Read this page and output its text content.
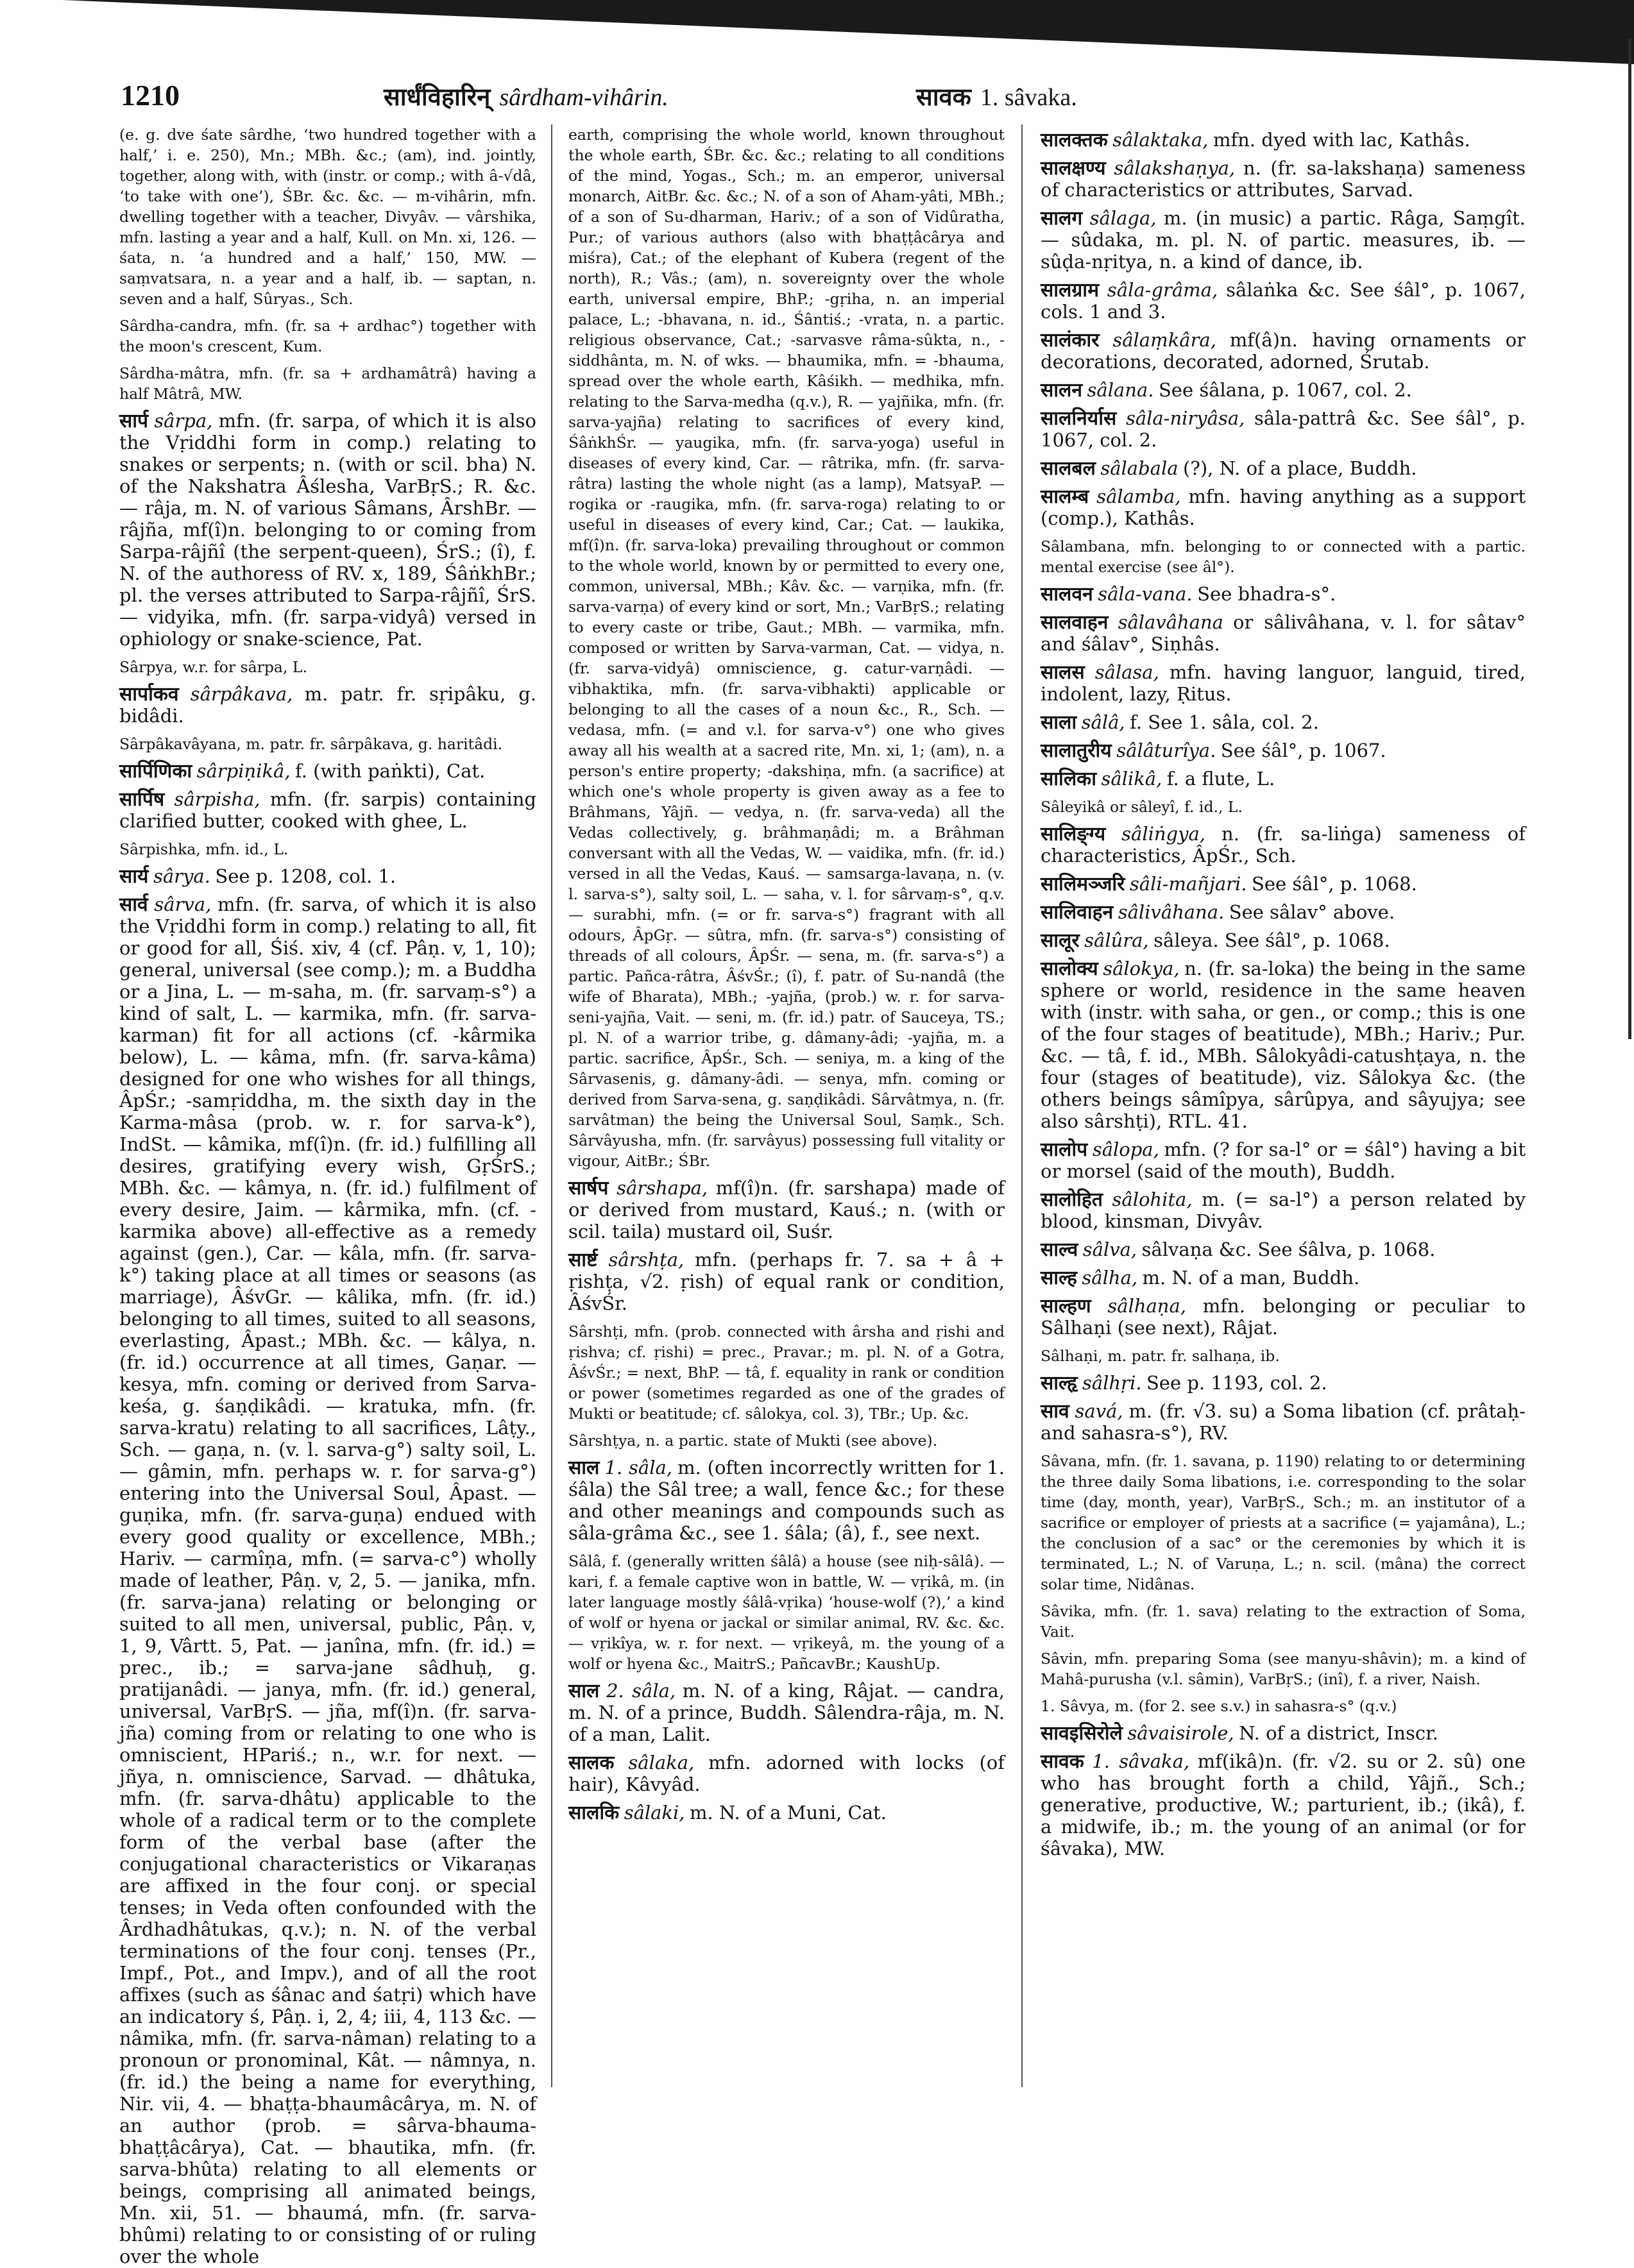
1210	सार्धंविहारिन् sârdham-vihârin.	सावक 1. sâvaka.

(e. g. dve śate sârdhe, ‘two hundred together with a half,’ i. e. 250), Mn.; MBh. &c.; (am), ind. jointly, together, along with, with (instr. or comp.; with â-√dâ, ‘to take with one’), ŚBr. &c. &c. — m-vihârin, mfn. dwelling together with a teacher, Divyâv. — vârshika, mfn. lasting a year and a half, Kull. on Mn. xi, 126. — śata, n. ‘a hundred and a half,’ 150, MW. — saṃvatsara, n. a year and a half, ib. — saptan, n. seven and a half, Sûryas., Sch.

Sârdha-candra, mfn. (fr. sa + ardhac°) together with the moon's crescent, Kum.

Sârdha-mâtra, mfn. (fr. sa + ardhamâtrâ) having a half Mâtrâ, MW.

सार्प sârpa, mfn. (fr. sarpa, of which it is also the Vṛiddhi form in comp.) relating to snakes or serpents; n. (with or scil. bha) N. of the Nakshatra Âślesha, VarBṛS.; R. &c. — râja, m. N. of various Sâmans, ÂrshBr. — râjña, mf(î)n. belonging to or coming from Sarpa-râjñî (the serpent-queen), ŚrS.; (î), f. N. of the authoress of RV. x, 189, ŚâṅkhBr.; pl. the verses attributed to Sarpa-râjñî, ŚrS. — vidyika, mfn. (fr. sarpa-vidyâ) versed in ophiology or snake-science, Pat.

Sârpya, w.r. for sârpa, L.

सार्पाकव sârpâkava, m. patr. fr. sṛipâku, g. bidâdi.

Sârpâkavâyana, m. patr. fr. sârpâkava, g. haritâdi.

सार्पिणिका sârpiṇikâ, f. (with paṅkti), Cat.

सार्पिष sârpisha, mfn. (fr. sarpis) containing clarified butter, cooked with ghee, L.

Sârpishka, mfn. id., L.

सार्य sârya. See p. 1208, col. 1.

सार्व sârva, mfn. (fr. sarva, of which it is also the Vṛiddhi form in comp.) relating to all, fit or good for all, Śiś. xiv, 4 (cf. Pâṇ. v, 1, 10); general, universal (see comp.); m. a Buddha or a Jina, L. — m-saha, m. (fr. sarvaṃ-s°) a kind of salt, L. — karmika, mfn. (fr. sarva-karman) fit for all actions (cf. -kârmika below), L. — kâma, mfn. (fr. sarva-kâma) designed for one who wishes for all things, ÂpŚr.; -samṛiddha, m. the sixth day in the Karma-mâsa (prob. w. r. for sarva-k°), IndSt. — kâmika, mf(î)n. (fr. id.) fulfilling all desires, gratifying every wish, GṛŚrS.; MBh. &c. — kâmya, n. (fr. id.) fulfilment of every desire, Jaim. — kârmika, mfn. (cf. -karmika above) all-effective as a remedy against (gen.), Car. — kâla, mfn. (fr. sarva-k°) taking place at all times or seasons (as marriage), ÂśvGr. — kâlika, mfn. (fr. id.) belonging to all times, suited to all seasons, everlasting, Âpast.; MBh. &c. — kâlya, n. (fr. id.) occurrence at all times, Gaṇar. — kesya, mfn. coming or derived from Sarva-keśa, g. śaṇḍikâdi. — kratuka, mfn. (fr. sarva-kratu) relating to all sacrifices, Lâṭy., Sch. — gaṇa, n. (v. l. sarva-g°) salty soil, L. — gâmin, mfn. perhaps w. r. for sarva-g°) entering into the Universal Soul, Âpast. — guṇika, mfn. (fr. sarva-guṇa) endued with every good quality or excellence, MBh.; Hariv. — carmîṇa, mfn. (= sarva-c°) wholly made of leather, Pâṇ. v, 2, 5. — janika, mfn. (fr. sarva-jana) relating or belonging or suited to all men, universal, public, Pâṇ. v, 1, 9, Vârtt. 5, Pat. — janîna, mfn. (fr. id.) = prec., ib.; = sarva-jane sâdhuḥ, g. pratijanâdi. — janya, mfn. (fr. id.) general, universal, VarBṛS. — jña, mf(î)n. (fr. sarva-jña) coming from or relating to one who is omniscient, HPariś.; n., w.r. for next. — jñya, n. omniscience, Sarvad. — dhâtuka, mfn. (fr. sarva-dhâtu) applicable to the whole of a radical term or to the complete form of the verbal base (after the conjugational characteristics or Vikaraṇas are affixed in the four conj. or special tenses; in Veda often confounded with the Ârdhadhâtukas, q.v.); n. N. of the verbal terminations of the four conj. tenses (Pr., Impf., Pot., and Impv.), and of all the root affixes (such as śânac and śatṛi) which have an indicatory ś, Pâṇ. i, 2, 4; iii, 4, 113 &c. — nâmika, mfn. (fr. sarva-nâman) relating to a pronoun or pronominal, Kât. — nâmnya, n. (fr. id.) the being a name for everything, Nir. vii, 4. — bhaṭṭa-bhaumâcârya, m. N. of an author (prob. = sârva-bhauma-bhaṭṭâcârya), Cat. — bhautika, mfn. (fr. sarva-bhûta) relating to all elements or beings, comprising all animated beings, Mn. xii, 51. — bhaumá, mfn. (fr. sarva-bhûmi) relating to or consisting of or ruling over the whole

earth, comprising the whole world, known throughout the whole earth, ŚBr. &c. &c.; relating to all conditions of the mind, Yogas., Sch.; m. an emperor, universal monarch, AitBr. &c. &c.; N. of a son of Aham-yâti, MBh.; of a son of Su-dharman, Hariv.; of a son of Vidûratha, Pur.; of various authors (also with bhaṭṭâcârya and miśra), Cat.; of the elephant of Kubera (regent of the north), R.; Vâs.; (am), n. sovereignty over the whole earth, universal empire, BhP.; -gṛiha, n. an imperial palace, L.; -bhavana, n. id., Śântiś.; -vrata, n. a partic. religious observance, Cat.; -sarvasve râma-sûkta, n., -siddhânta, m. N. of wks. — bhaumika, mfn. = -bhauma, spread over the whole earth, Kâśikh. — medhika, mfn. relating to the Sarva-medha (q.v.), R. — yajñika, mfn. (fr. sarva-yajña) relating to sacrifices of every kind, ŚâṅkhŚr. — yaugika, mfn. (fr. sarva-yoga) useful in diseases of every kind, Car. — râtrika, mfn. (fr. sarva-râtra) lasting the whole night (as a lamp), MatsyaP. — rogika or -raugika, mfn. (fr. sarva-roga) relating to or useful in diseases of every kind, Car.; Cat. — laukika, mf(î)n. (fr. sarva-loka) prevailing throughout or common to the whole world, known by or permitted to every one, common, universal, MBh.; Kâv. &c. — varṇika, mfn. (fr. sarva-varṇa) of every kind or sort, Mn.; VarBṛS.; relating to every caste or tribe, Gaut.; MBh. — varmika, mfn. composed or written by Sarva-varman, Cat. — vidya, n. (fr. sarva-vidyâ) omniscience, g. catur-varṇâdi. — vibhaktika, mfn. (fr. sarva-vibhakti) applicable or belonging to all the cases of a noun &c., R., Sch. — vedasa, mfn. (= and v.l. for sarva-v°) one who gives away all his wealth at a sacred rite, Mn. xi, 1; (am), n. a person's entire property; -dakshiṇa, mfn. (a sacrifice) at which one's whole property is given away as a fee to Brâhmans, Yâjñ. — vedya, n. (fr. sarva-veda) all the Vedas collectively, g. brâhmaṇâdi; m. a Brâhman conversant with all the Vedas, W. — vaidika, mfn. (fr. id.) versed in all the Vedas, Kauś. — samsarga-lavaṇa, n. (v. l. sarva-s°), salty soil, L. — saha, v. l. for sârvaṃ-s°, q.v. — surabhi, mfn. (= or fr. sarva-s°) fragrant with all odours, ÂpGṛ. — sûtra, mfn. (fr. sarva-s°) consisting of threads of all colours, ÂpŚr. — sena, m. (fr. sarva-s°) a partic. Pañca-râtra, ÂśvŚr.; (î), f. patr. of Su-nandâ (the wife of Bharata), MBh.; -yajña, (prob.) w. r. for sarva-seni-yajña, Vait. — seni, m. (fr. id.) patr. of Sauceya, TS.; pl. N. of a warrior tribe, g. dâmany-âdi; -yajña, m. a partic. sacrifice, ÂpŚr., Sch. — seniya, m. a king of the Sârvasenis, g. dâmany-âdi. — senya, mfn. coming or derived from Sarva-sena, g. saṇḍikâdi. Sârvâtmya, n. (fr. sarvâtman) the being the Universal Soul, Saṃk., Sch. Sârvâyusha, mfn. (fr. sarvâyus) possessing full vitality or vigour, AitBr.; ŚBr.

सार्षप sârshapa, mf(î)n. (fr. sarshapa) made of or derived from mustard, Kauś.; n. (with or scil. taila) mustard oil, Suśr.

सार्ष्ट sârshṭa, mfn. (perhaps fr. 7. sa + â + ṛishṭa, √2. ṛish) of equal rank or condition, ÂśvŚr.

Sârshṭi, mfn. (prob. connected with ârsha and ṛishi and ṛishva; cf. ṛishi) = prec., Pravar.; m. pl. N. of a Gotra, ÂśvŚr.; = next, BhP. — tâ, f. equality in rank or condition or power (sometimes regarded as one of the grades of Mukti or beatitude; cf. sâlokya, col. 3), TBr.; Up. &c.

Sârshṭya, n. a partic. state of Mukti (see above).

साल 1. sâla, m. (often incorrectly written for 1. śâla) the Sâl tree; a wall, fence &c.; for these and other meanings and compounds such as sâla-grâma &c., see 1. śâla; (â), f., see next.

Sâlâ, f. (generally written śâlâ) a house (see niḥ-sâlâ). — kari, f. a female captive won in battle, W. — vṛikâ, m. (in later language mostly śâlâ-vṛika) ‘house-wolf (?),’ a kind of wolf or hyena or jackal or similar animal, RV. &c. &c. — vṛikîya, w. r. for next. — vṛikeyâ, m. the young of a wolf or hyena &c., MaitrS.; PañcavBr.; KaushUp.

साल 2. sâla, m. N. of a king, Râjat. — candra, m. N. of a prince, Buddh. Sâlendra-râja, m. N. of a man, Lalit.

सालक sâlaka, mfn. adorned with locks (of hair), Kâvyâd.

सालकि sâlaki, m. N. of a Muni, Cat.

सालक्तक sâlaktaka, mfn. dyed with lac, Kathâs.

सालक्षण्य sâlakshaṇya, n. (fr. sa-lakshaṇa) sameness of characteristics or attributes, Sarvad.

सालग sâlaga, m. (in music) a partic. Râga, Saṃgît. — sûdaka, m. pl. N. of partic. measures, ib. — sûḍa-nṛitya, n. a kind of dance, ib.

सालग्राम sâla-grâma, sâlaṅka &c. See śâl°, p. 1067, cols. 1 and 3.

सालंकार sâlaṃkâra, mf(â)n. having ornaments or decorations, decorated, adorned, Śrutab.

सालन sâlana. See śâlana, p. 1067, col. 2.

सालनिर्यास sâla-niryâsa, sâla-pattrâ &c. See śâl°, p. 1067, col. 2.

सालबल sâlabala (?), N. of a place, Buddh.

सालम्ब sâlamba, mfn. having anything as a support (comp.), Kathâs.

Sâlambana, mfn. belonging to or connected with a partic. mental exercise (see âl°).

सालवन sâla-vana. See bhadra-s°.

सालवाहन sâlavâhana or sâlivâhana, v. l. for sâtav° and śâlav°, Siṇhâs.

सालस sâlasa, mfn. having languor, languid, tired, indolent, lazy, Ṛitus.

साला sâlâ, f. See 1. sâla, col. 2.

सालातुरीय sâlâturîya. See śâl°, p. 1067.

सालिका sâlikâ, f. a flute, L.

Sâleyikâ or sâleyî, f. id., L.

सालिङ्ग्य sâliṅgya, n. (fr. sa-liṅga) sameness of characteristics, ÂpŚr., Sch.

सालिमञ्जरि sâli-mañjari. See śâl°, p. 1068.

सालिवाहन sâlivâhana. See sâlav° above.

सालूर sâlûra, sâleya. See śâl°, p. 1068.

सालोक्य sâlokya, n. (fr. sa-loka) the being in the same sphere or world, residence in the same heaven with (instr. with saha, or gen., or comp.; this is one of the four stages of beatitude), MBh.; Hariv.; Pur. &c. — tâ, f. id., MBh. Sâlokyâdi-catushṭaya, n. the four (stages of beatitude), viz. Sâlokya &c. (the others beings sâmîpya, sârûpya, and sâyujya; see also sârshṭi), RTL. 41.

सालोप sâlopa, mfn. (? for sa-l° or = śâl°) having a bit or morsel (said of the mouth), Buddh.

सालोहित sâlohita, m. (= sa-l°) a person related by blood, kinsman, Divyâv.

साल्व sâlva, sâlvaṇa &c. See śâlva, p. 1068.

साल्ह sâlha, m. N. of a man, Buddh.

साल्हण sâlhaṇa, mfn. belonging or peculiar to Sâlhaṇi (see next), Râjat.

Sâlhaṇi, m. patr. fr. salhaṇa, ib.

साल्हृ sâlhṛi. See p. 1193, col. 2.

साव savá, m. (fr. √3. su) a Soma libation (cf. prâtaḥ- and sahasra-s°), RV.

Sâvana, mfn. (fr. 1. savana, p. 1190) relating to or determining the three daily Soma libations, i.e. corresponding to the solar time (day, month, year), VarBṛS., Sch.; m. an institutor of a sacrifice or employer of priests at a sacrifice (= yajamâna), L.; the conclusion of a sac° or the ceremonies by which it is terminated, L.; N. of Varuṇa, L.; n. scil. (mâna) the correct solar time, Nidânas.

Sâvika, mfn. (fr. 1. sava) relating to the extraction of Soma, Vait.

Sâvin, mfn. preparing Soma (see manyu-shâvin); m. a kind of Mahâ-purusha (v.l. sâmin), VarBṛS.; (inî), f. a river, Naish.

1. Sâvya, m. (for 2. see s.v.) in sahasra-s° (q.v.)

सावइसिरोले sâvaisirole, N. of a district, Inscr.

सावक 1. sâvaka, mf(ikâ)n. (fr. √2. su or 2. sû) one who has brought forth a child, Yâjñ., Sch.; generative, productive, W.; parturient, ib.; (ikâ), f. a midwife, ib.; m. the young of an animal (or for śâvaka), MW.
